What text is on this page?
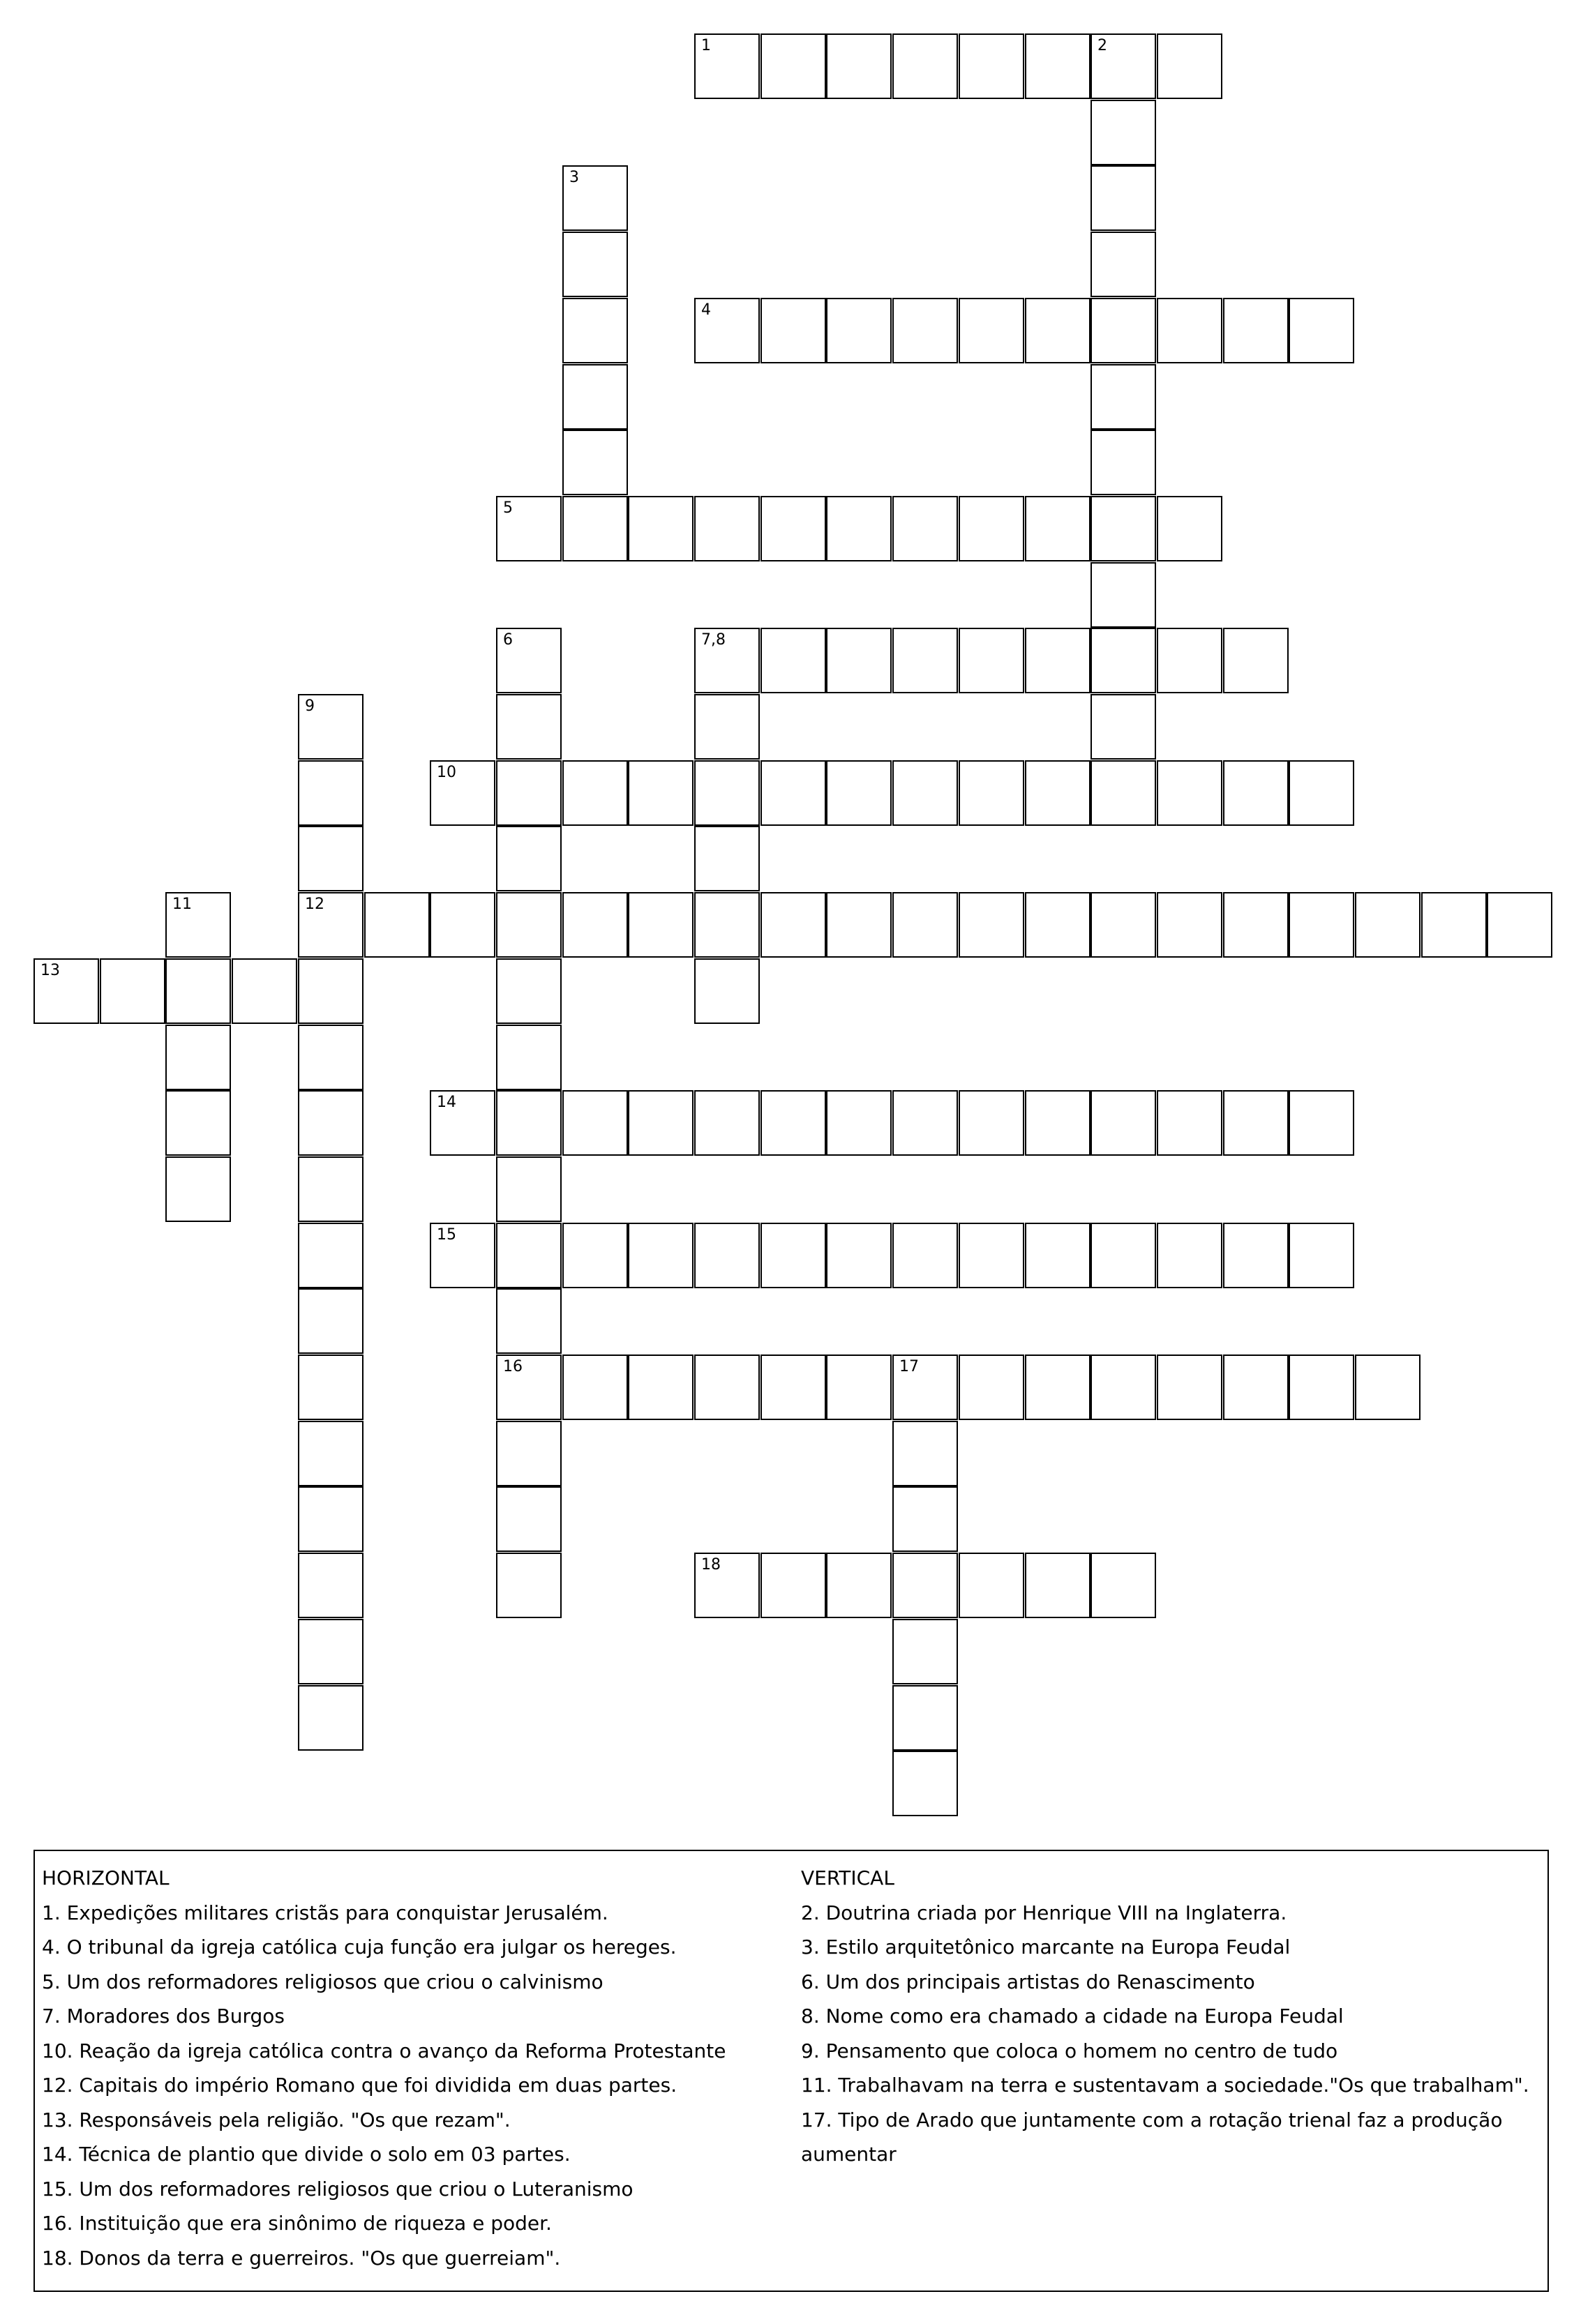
1	2
3
4
5
6
16
7,8
9
12
10
11
13
14
15
17
18
HORIZONTAL
1. Expedições militares cristãs para conquistar Jerusalém.
4. O tribunal da igreja católica cuja função era julgar os hereges.
5. Um dos reformadores religiosos que criou o calvinismo
7. Moradores dos Burgos
10. Reação da igreja católica contra o avanço da Reforma Protestante
12. Capitais do império Romano que foi dividida em duas partes.
13. Responsáveis pela religião. "Os que rezam".
14. Técnica de plantio que divide o solo em 03 partes.
15. Um dos reformadores religiosos que criou o Luteranismo
16. Instituição que era sinônimo de riqueza e poder.
18. Donos da terra e guerreiros. "Os que guerreiam".
VERTICAL
2. Doutrina criada por Henrique VIII na Inglaterra.
3. Estilo arquitetônico marcante na Europa Feudal
6. Um dos principais artistas do Renascimento
8. Nome como era chamado a cidade na Europa Feudal
9. Pensamento que coloca o homem no centro de tudo
11. Trabalhavam na terra e sustentavam a sociedade."Os que trabalham".
17. Tipo de Arado que juntamente com a rotação trienal faz a produção aumentar
